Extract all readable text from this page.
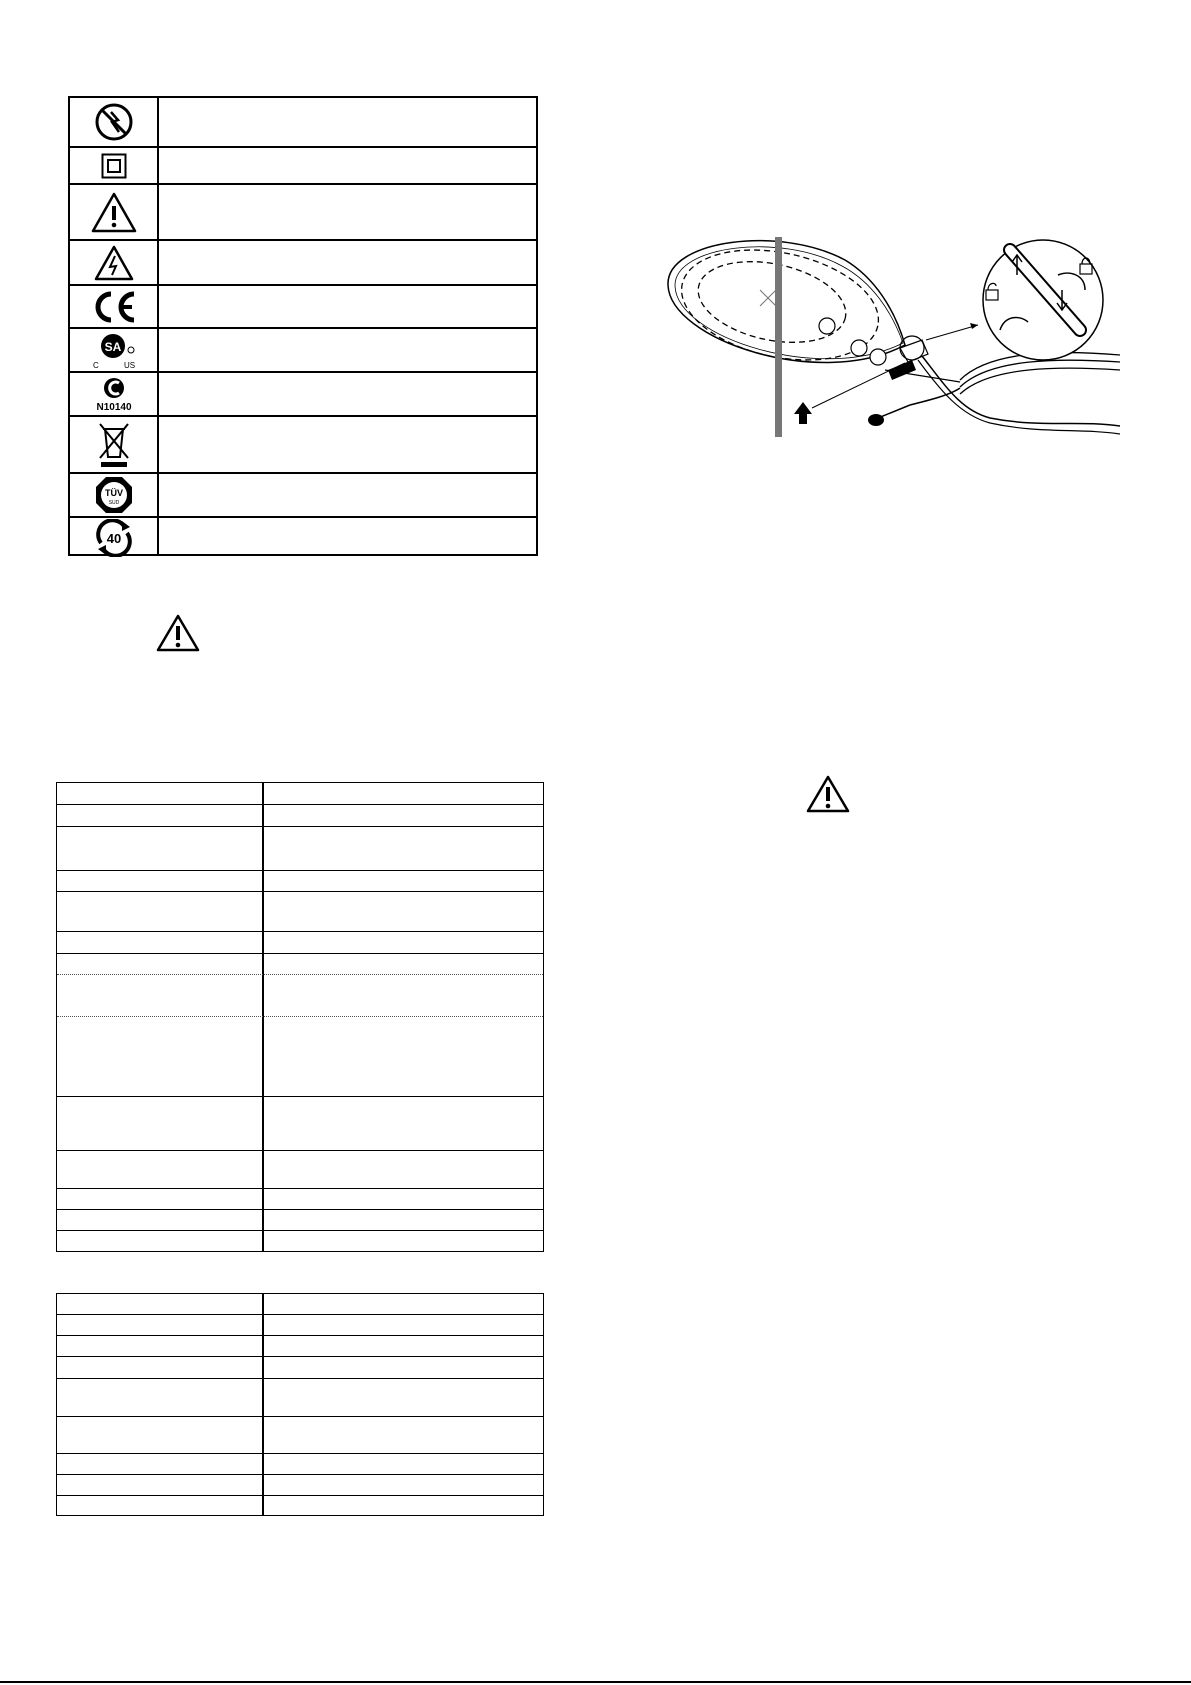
SA
C	US
N10140
TÜV
SUD
40
